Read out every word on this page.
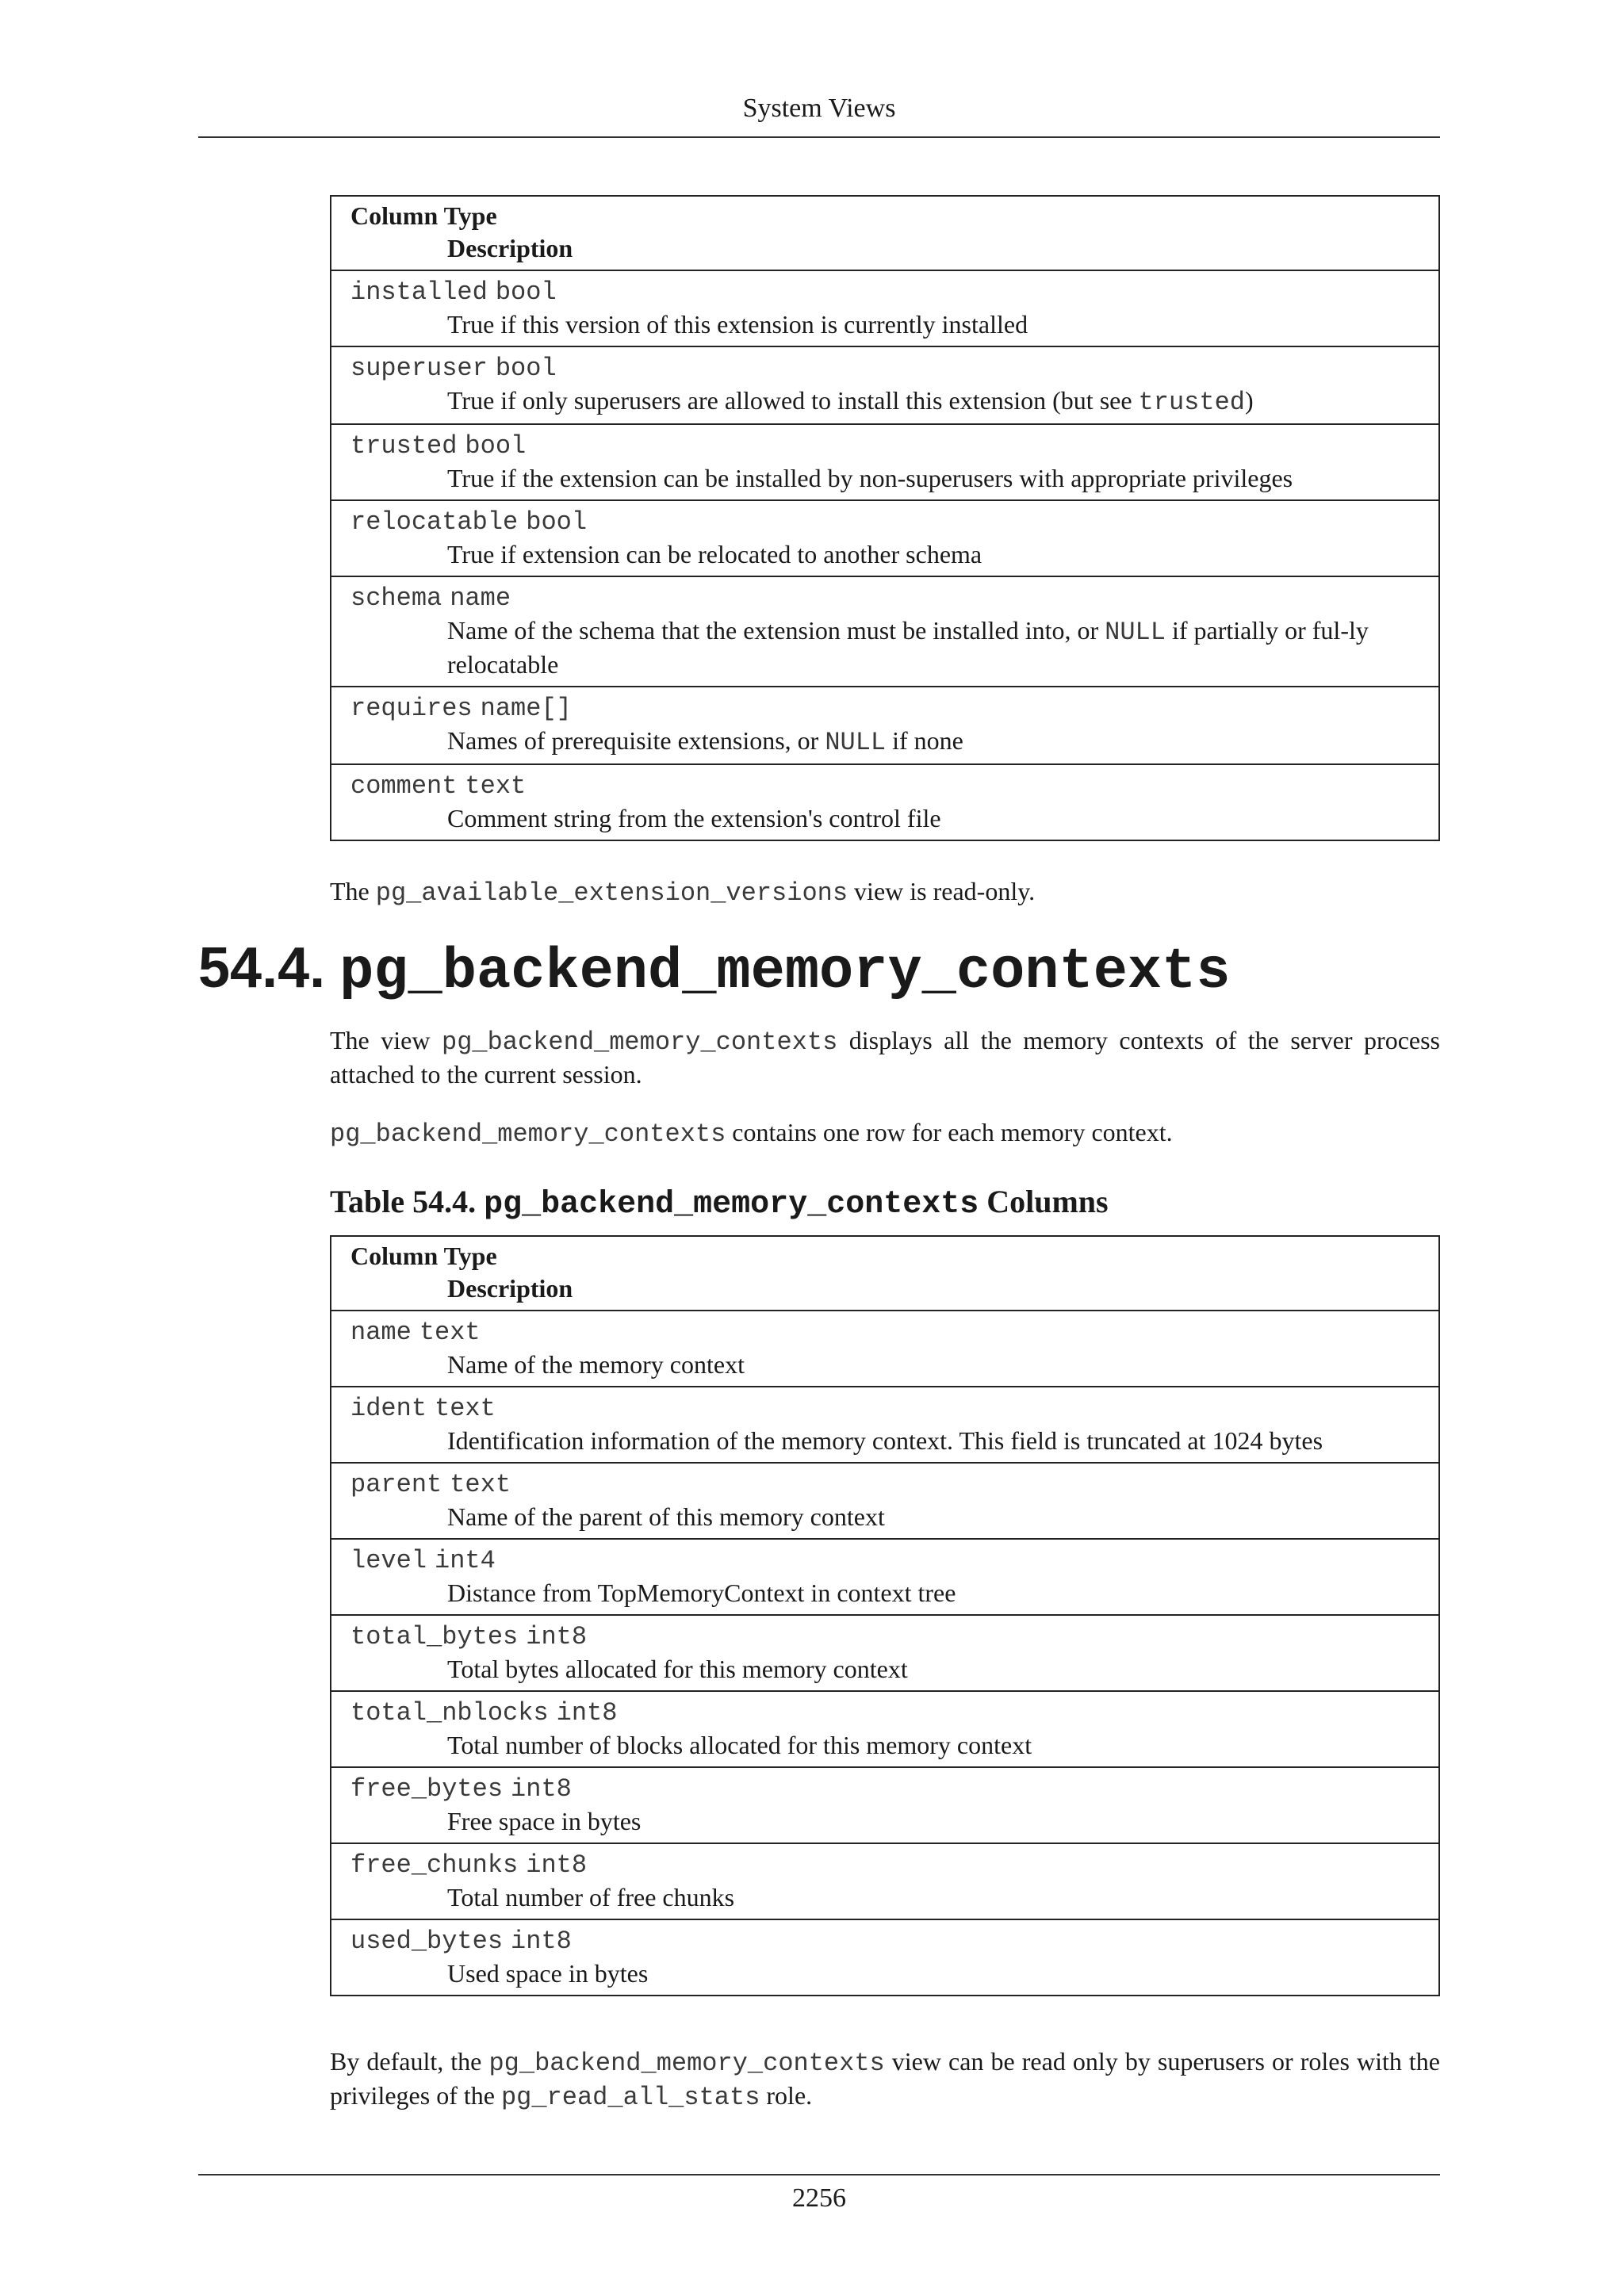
System Views
Column Type
Description

installed bool
True if this version of this extension is currently installed

superuser bool
True if only superusers are allowed to install this extension (but see trusted)

trusted bool
True if the extension can be installed by non-superusers with appropriate privileges

relocatable bool
True if extension can be relocated to another schema

schema name
Name of the schema that the extension must be installed into, or NULL if partially or ful-ly relocatable

requires name[]
Names of prerequisite extensions, or NULL if none

comment text
Comment string from the extension's control file

The pg_available_extension_versions view is read-only.

54.4. pg_backend_memory_contexts

The view pg_backend_memory_contexts displays all the memory contexts of the server process attached to the current session.

pg_backend_memory_contexts contains one row for each memory context.

Table 54.4. pg_backend_memory_contexts Columns
Column Type
Description

name text
Name of the memory context

ident text
Identification information of the memory context. This field is truncated at 1024 bytes

parent text
Name of the parent of this memory context

level int4
Distance from TopMemoryContext in context tree

total_bytes int8
Total bytes allocated for this memory context

total_nblocks int8
Total number of blocks allocated for this memory context

free_bytes int8
Free space in bytes

free_chunks int8
Total number of free chunks

used_bytes int8
Used space in bytes

By default, the pg_backend_memory_contexts view can be read only by superusers or roles with the privileges of the pg_read_all_stats role.

2256
